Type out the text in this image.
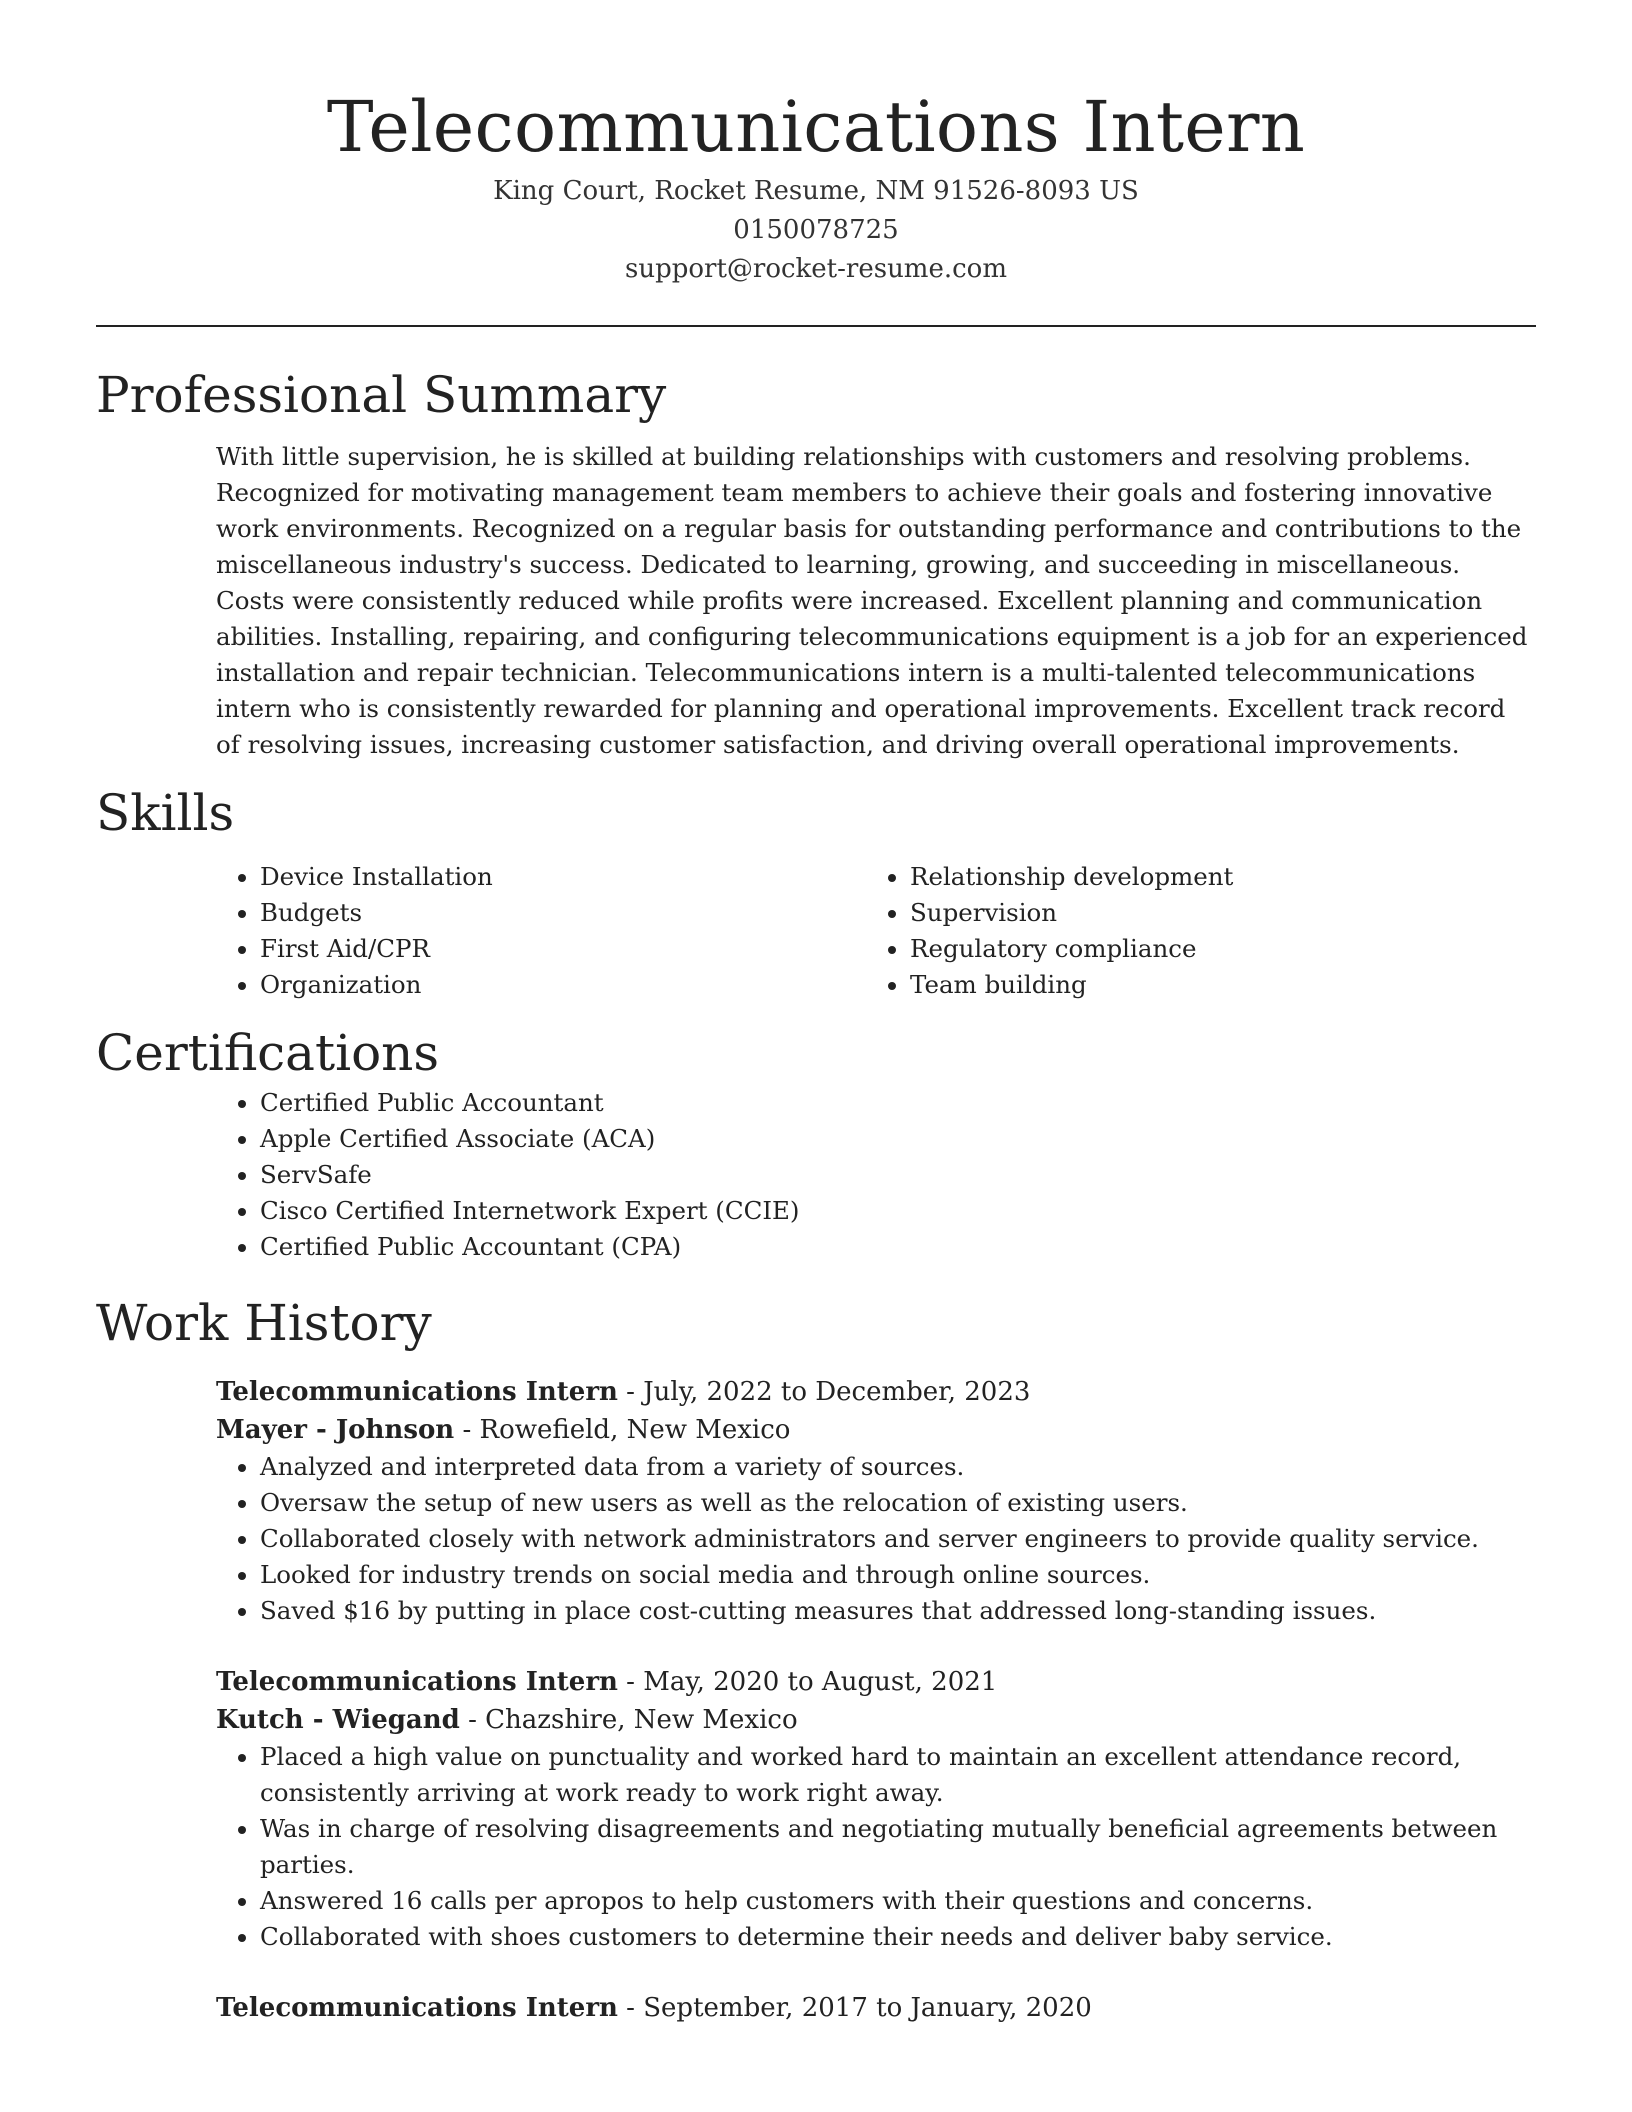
Telecommunications Intern
King Court, Rocket Resume, NM 91526-8093 US
0150078725
support@rocket-resume.com
Professional Summary

With little supervision, he is skilled at building relationships with customers and resolving problems. Recognized for motivating management team members to achieve their goals and fostering innovative work environments. Recognized on a regular basis for outstanding performance and contributions to the miscellaneous industry's success. Dedicated to learning, growing, and succeeding in miscellaneous. Costs were consistently reduced while profits were increased. Excellent planning and communication abilities. Installing, repairing, and configuring telecommunications equipment is a job for an experienced installation and repair technician. Telecommunications intern is a multi-talented telecommunications intern who is consistently rewarded for planning and operational improvements. Excellent track record of resolving issues, increasing customer satisfaction, and driving overall operational improvements.

Skills
• Device Installation
• Budgets
• First Aid/CPR
• Organization
• Relationship development
• Supervision
• Regulatory compliance
• Team building
Certifications
• Certified Public Accountant
• Apple Certified Associate (ACA)
• ServSafe
• Cisco Certified Internetwork Expert (CCIE)
• Certified Public Accountant (CPA)
Work History
Telecommunications Intern - July, 2022 to December, 2023
Mayer - Johnson - Rowefield, New Mexico
• Analyzed and interpreted data from a variety of sources.
• Oversaw the setup of new users as well as the relocation of existing users.
• Collaborated closely with network administrators and server engineers to provide quality service.
• Looked for industry trends on social media and through online sources.
• Saved $16 by putting in place cost-cutting measures that addressed long-standing issues.
Telecommunications Intern - May, 2020 to August, 2021
Kutch - Wiegand - Chazshire, New Mexico
• Placed a high value on punctuality and worked hard to maintain an excellent attendance record, consistently arriving at work ready to work right away.
• Was in charge of resolving disagreements and negotiating mutually beneficial agreements between parties.
• Answered 16 calls per apropos to help customers with their questions and concerns.
• Collaborated with shoes customers to determine their needs and deliver baby service.
Telecommunications Intern - September, 2017 to January, 2020
